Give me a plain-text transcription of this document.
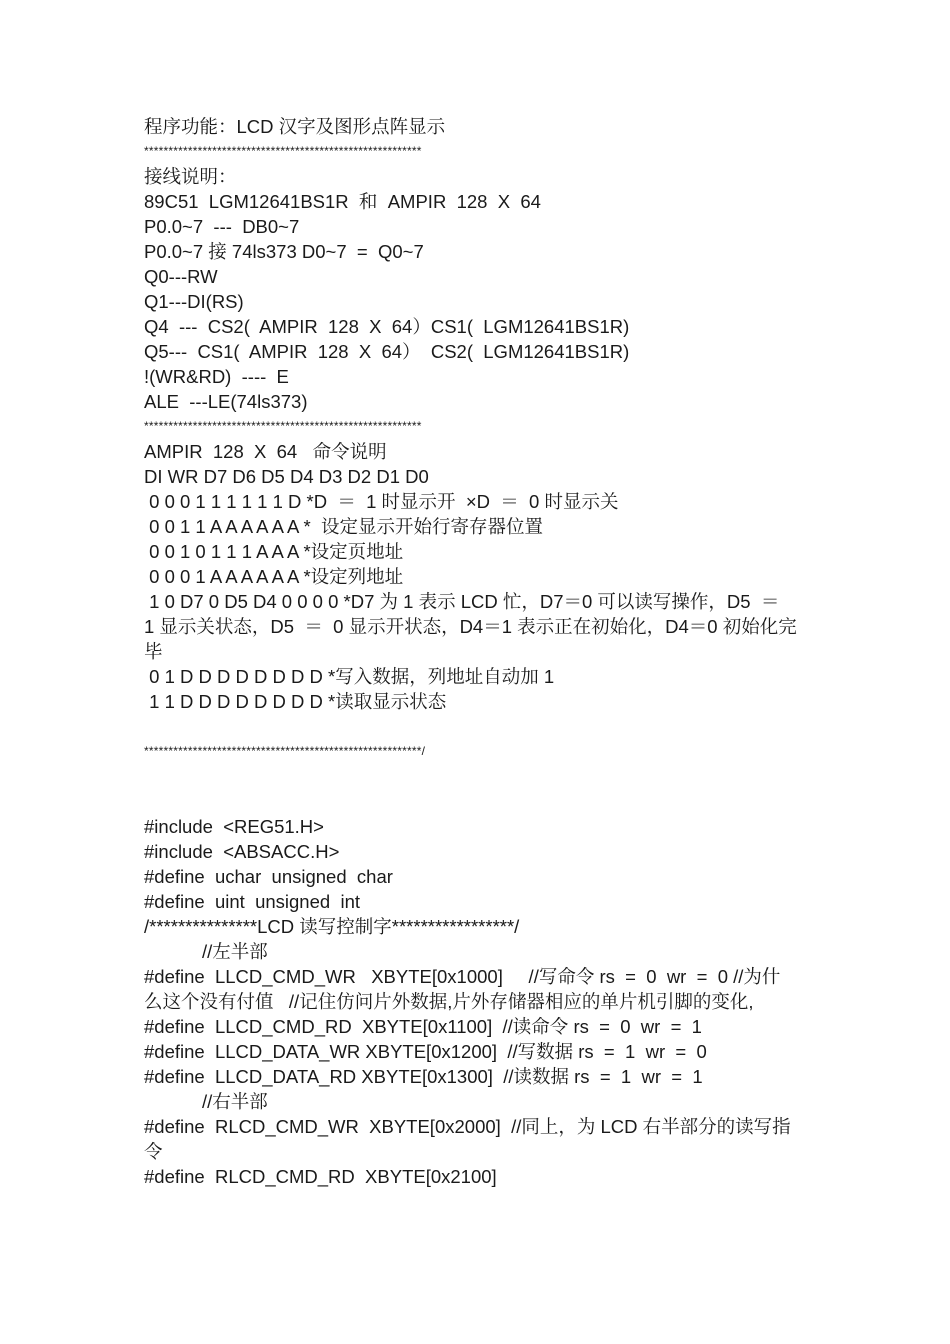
程序功能：LCD 汉字及图形点阵显示
*********************************************************
接线说明：
89C51  LGM12641BS1R  和  AMPIR  128  X  64
P0.0~7  ---  DB0~7
P0.0~7 接 74ls373 D0~7  =  Q0~7
Q0---RW
Q1---DI(RS)
Q4  ---  CS2(  AMPIR  128  X  64）CS1(  LGM12641BS1R)
Q5---  CS1(  AMPIR  128  X  64）  CS2(  LGM12641BS1R)
!(WR&RD)  ----  E
ALE  ---LE(74ls373)
*********************************************************
AMPIR  128  X  64   命令说明
DI WR D7 D6 D5 D4 D3 D2 D1 D0
0 0 0 1 1 1 1 1 1 D *D  ＝  1 时显示开  ×D  ＝  0 时显示关
0 0 1 1 A A A A A A *  设定显示开始行寄存器位置
0 0 1 0 1 1 1 A A A *设定页地址
0 0 0 1 A A A A A A *设定列地址
1 0 D7 0 D5 D4 0 0 0 0 *D7 为 1 表示 LCD 忙，D7＝0 可以读写操作，D5  ＝
1 显示关状态，D5  ＝  0 显示开状态，D4＝1 表示正在初始化，D4＝0 初始化完
毕
0 1 D D D D D D D D *写入数据，列地址自动加 1
1 1 D D D D D D D D *读取显示状态
*********************************************************/
#include  <REG51.H>
#include  <ABSACC.H>
#define  uchar  unsigned  char
#define  uint  unsigned  int
/***************LCD 读写控制字*****************/
//左半部
#define  LLCD_CMD_WR   XBYTE[0x1000]     //写命令 rs  =  0  wr  =  0 //为什
么这个没有付值   //记住仿问片外数据,片外存储器相应的单片机引脚的变化,
#define  LLCD_CMD_RD  XBYTE[0x1100]  //读命令 rs  =  0  wr  =  1
#define  LLCD_DATA_WR XBYTE[0x1200]  //写数据 rs  =  1  wr  =  0
#define  LLCD_DATA_RD XBYTE[0x1300]  //读数据 rs  =  1  wr  =  1
//右半部
#define  RLCD_CMD_WR  XBYTE[0x2000]  //同上，为 LCD 右半部分的读写指
令
#define  RLCD_CMD_RD  XBYTE[0x2100]
